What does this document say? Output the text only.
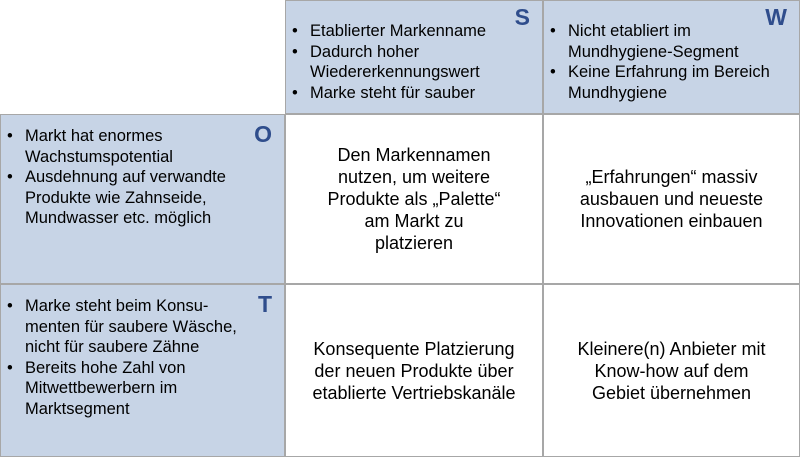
S
• Etablierter Markenname
• Dadurch hoher Wiedererkennungswert
• Marke steht für sauber
W
• Nicht etabliert im Mundhygiene-Segment
• Keine Erfahrung im Bereich Mundhygiene
O
• Markt hat enormes Wachstumspotential
• Ausdehnung auf verwandte Produkte wie Zahnseide, Mundwasser etc. möglich
Den Markennamen nutzen, um weitere Produkte als „Palette“ am Markt zu platzieren
„Erfahrungen“ massiv ausbauen und neueste Innovationen einbauen
T
• Marke steht beim Konsu-menten für saubere Wäsche, nicht für saubere Zähne
• Bereits hohe Zahl von Mitwettbewerbern im Marktsegment
Konsequente Platzierung der neuen Produkte über etablierte Vertriebskanäle
Kleinere(n) Anbieter mit Know-how auf dem Gebiet übernehmen
